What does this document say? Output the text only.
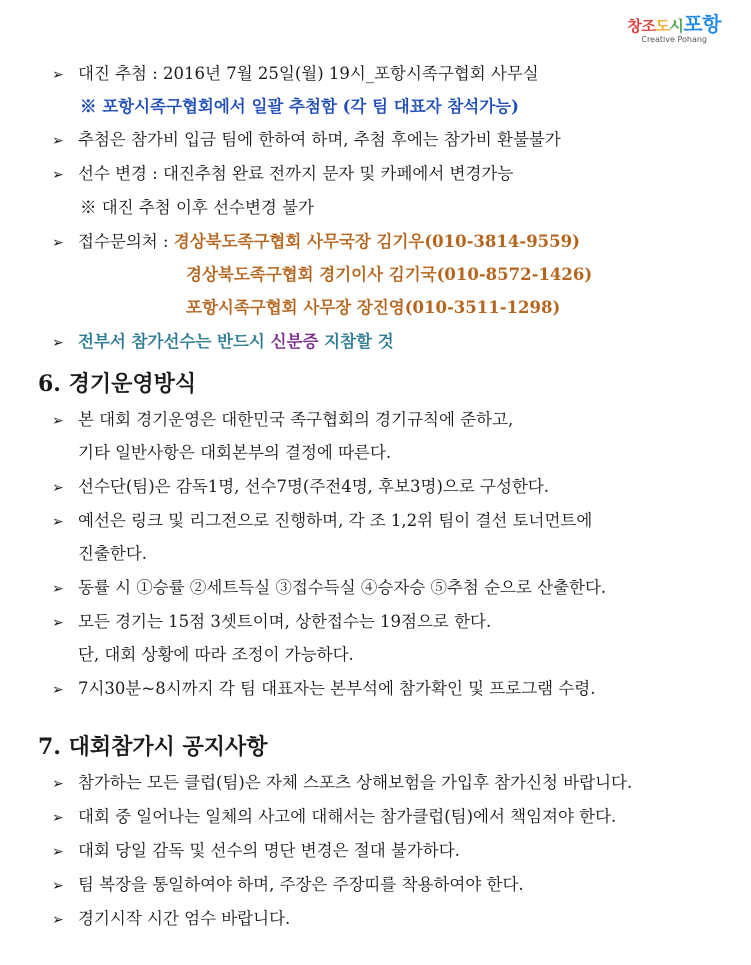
창조도시포항
Creative Pohang
➢ 대진 추첨 : 2016년 7월 25일(월) 19시_포항시족구협회 사무실
※ 포항시족구협회에서 일괄 추첨함 (각 팀 대표자 참석가능)
➢ 추첨은 참가비 입금 팀에 한하여 하며, 추첨 후에는 참가비 환불불가
➢ 선수 변경 : 대진추첨 완료 전까지 문자 및 카페에서 변경가능
※ 대진 추첨 이후 선수변경 불가
➢ 접수문의처 : 경상북도족구협회 사무국장 김기우(010-3814-9559)
경상북도족구협회 경기이사 김기국(010-8572-1426)
포항시족구협회 사무장 장진영(010-3511-1298)
➢ 전부서 참가선수는 반드시 신분증 지참할 것
6. 경기운영방식
➢ 본 대회 경기운영은 대한민국 족구협회의 경기규칙에 준하고,
기타 일반사항은 대회본부의 결정에 따른다.
➢ 선수단(팀)은 감독1명, 선수7명(주전4명, 후보3명)으로 구성한다.
➢ 예선은 링크 및 리그전으로 진행하며, 각 조 1,2위 팀이 결선 토너먼트에
진출한다.
➢ 동률 시 ①승률 ②세트득실 ③접수득실 ④승자승 ⑤추첨 순으로 산출한다.
➢ 모든 경기는 15점 3셋트이며, 상한접수는 19점으로 한다.
단, 대회 상황에 따라 조정이 가능하다.
➢ 7시30분~8시까지 각 팀 대표자는 본부석에 참가확인 및 프로그램 수령.
7. 대회참가시 공지사항
➢ 참가하는 모든 클럽(팀)은 자체 스포츠 상해보험을 가입후 참가신청 바랍니다.
➢ 대회 중 일어나는 일체의 사고에 대해서는 참가클럽(팀)에서 책임져야 한다.
➢ 대회 당일 감독 및 선수의 명단 변경은 절대 불가하다.
➢ 팀 복장을 통일하여야 하며, 주장은 주장띠를 착용하여야 한다.
➢ 경기시작 시간 엄수 바랍니다.
